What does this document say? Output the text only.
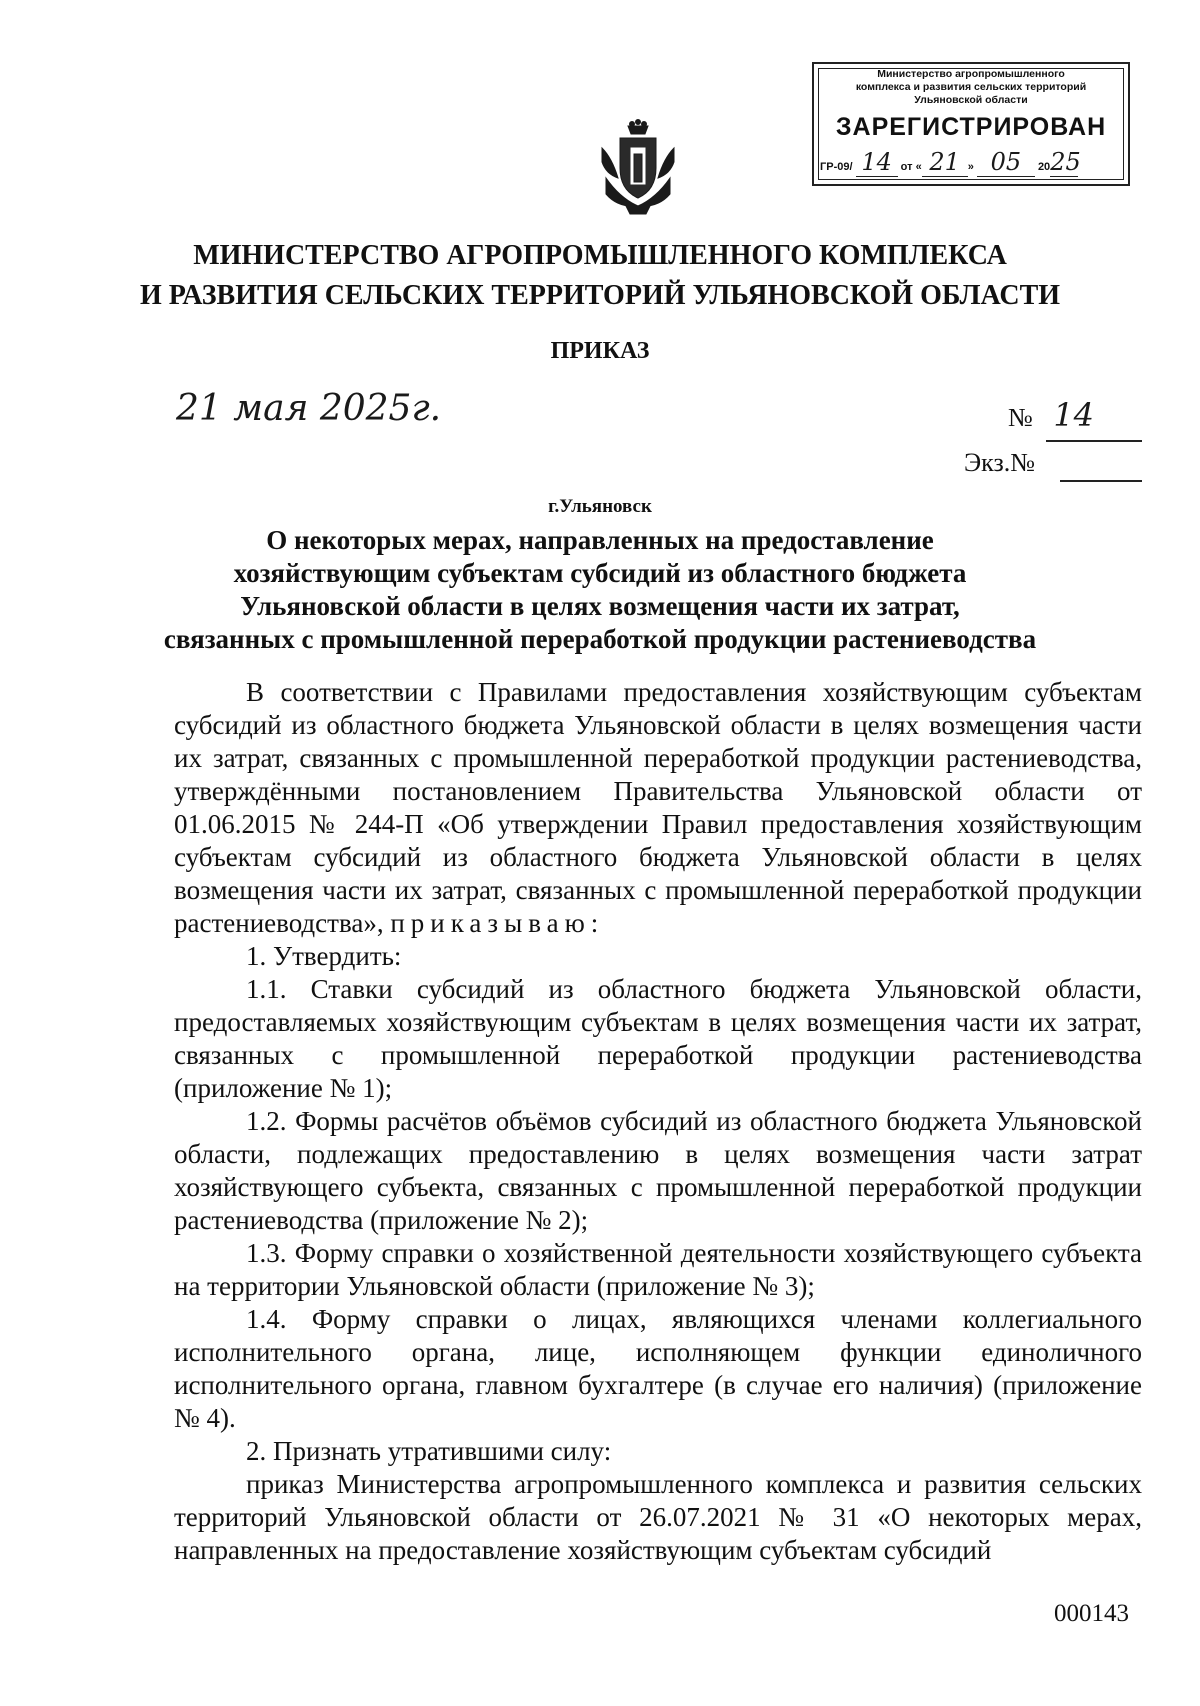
Министерство агропромышленного
комплекса и развития сельских территорий
Ульяновской области
ЗАРЕГИСТРИРОВАН
ГР-09/ 14 от « 21 » 05 2025
МИНИСТЕРСТВО АГРОПРОМЫШЛЕННОГО КОМПЛЕКСА
И РАЗВИТИЯ СЕЛЬСКИХ ТЕРРИТОРИЙ УЛЬЯНОВСКОЙ ОБЛАСТИ
ПРИКАЗ
21 мая 2025г.	№ 14
Экз.№
г.Ульяновск
О некоторых мерах, направленных на предоставление
хозяйствующим субъектам субсидий из областного бюджета
Ульяновской области в целях возмещения части их затрат,
связанных с промышленной переработкой продукции растениеводства

В соответствии с Правилами предоставления хозяйствующим субъектам субсидий из областного бюджета Ульяновской области в целях возмещения части их затрат, связанных с промышленной переработкой продукции растениеводства, утверждёнными постановлением Правительства Ульяновской области от 01.06.2015 № 244-П «Об утверждении Правил предоставления хозяйствующим субъектам субсидий из областного бюджета Ульяновской области в целях возмещения части их затрат, связанных с промышленной переработкой продукции растениеводства», приказываю:

1. Утвердить:

1.1. Ставки субсидий из областного бюджета Ульяновской области, предоставляемых хозяйствующим субъектам в целях возмещения части их затрат, связанных с промышленной переработкой продукции растениеводства (приложение № 1);

1.2. Формы расчётов объёмов субсидий из областного бюджета Ульяновской области, подлежащих предоставлению в целях возмещения части затрат хозяйствующего субъекта, связанных с промышленной переработкой продукции растениеводства (приложение № 2);

1.3. Форму справки о хозяйственной деятельности хозяйствующего субъекта на территории Ульяновской области (приложение № 3);

1.4. Форму справки о лицах, являющихся членами коллегиального исполнительного органа, лице, исполняющем функции единоличного исполнительного органа, главном бухгалтере (в случае его наличия) (приложение № 4).

2. Признать утратившими силу:

приказ Министерства агропромышленного комплекса и развития сельских территорий Ульяновской области от 26.07.2021 № 31 «О некоторых мерах, направленных на предоставление хозяйствующим субъектам субсидий

000143
